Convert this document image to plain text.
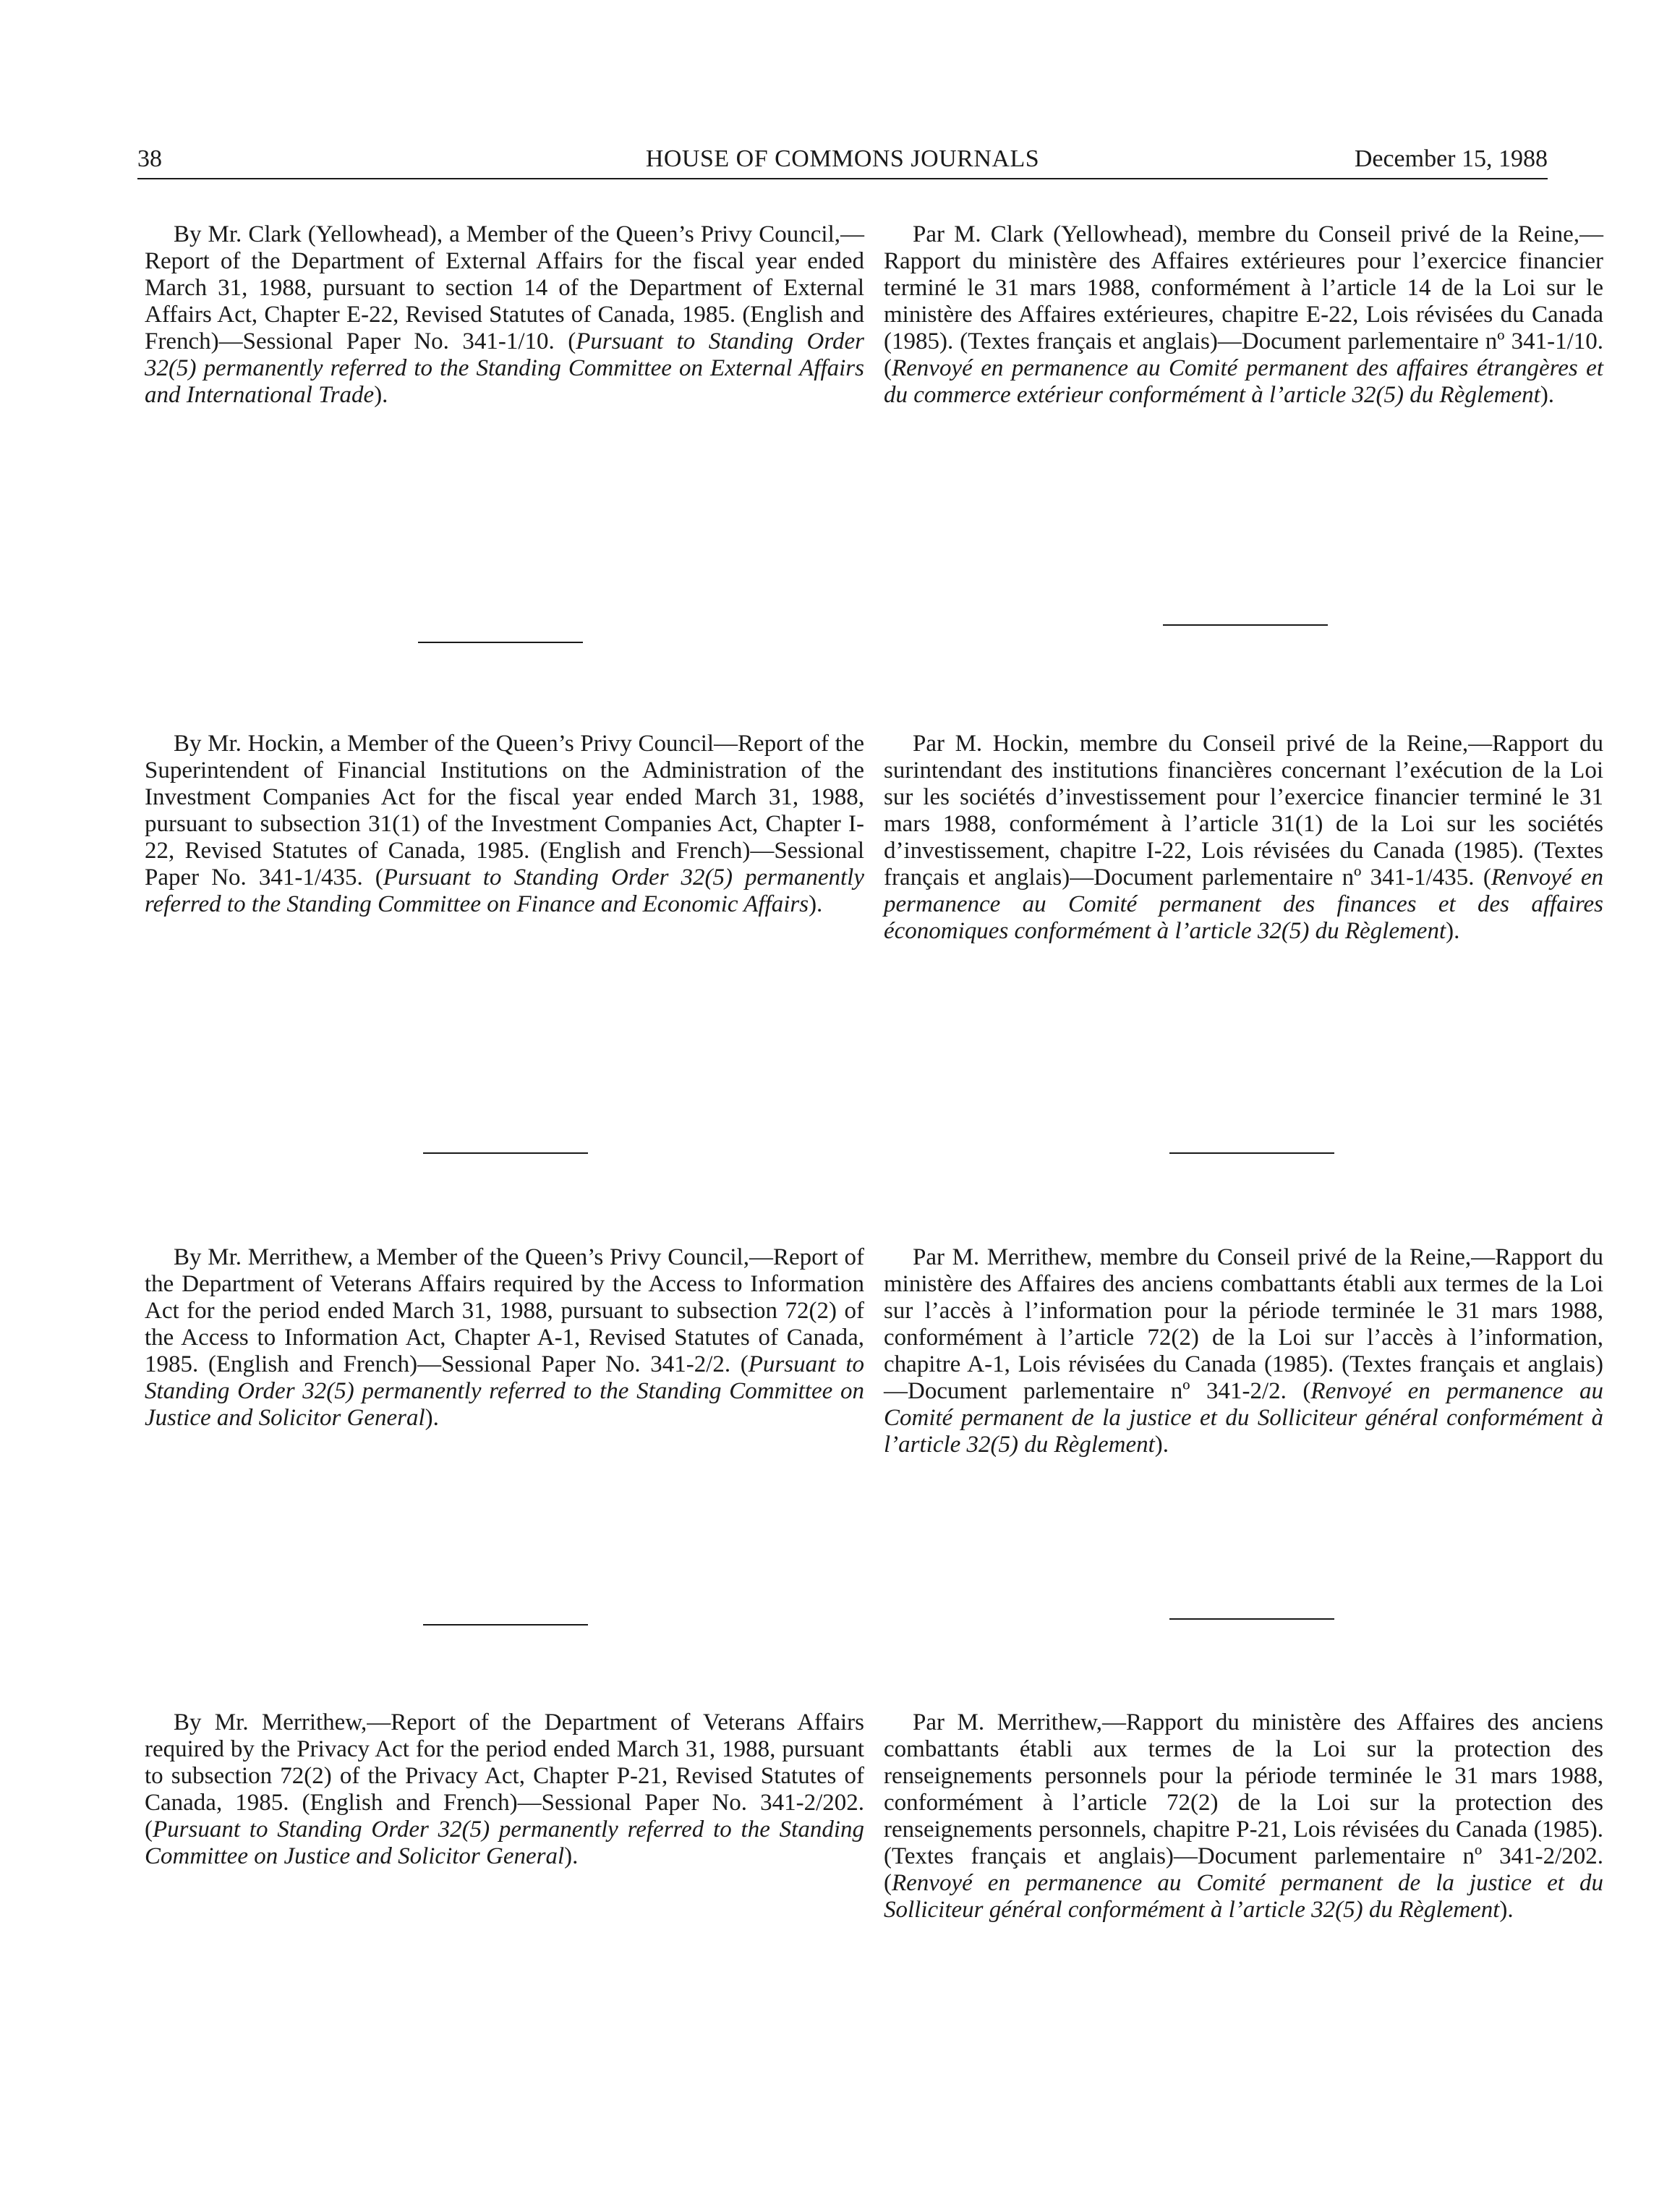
38	HOUSE OF COMMONS JOURNALS	December 15, 1988

By Mr. Clark (Yellowhead), a Member of the Queen’s Privy Council,—Report of the Department of External Affairs for the fiscal year ended March 31, 1988, pursuant to section 14 of the Department of External Affairs Act, Chapter E-22, Revised Statutes of Canada, 1985. (English and French)—Sessional Paper No. 341-1/10. (Pursuant to Standing Order 32(5) permanently referred to the Standing Committee on External Affairs and International Trade).

Par M. Clark (Yellowhead), membre du Conseil privé de la Reine,—Rapport du ministère des Affaires extérieures pour l’exercice financier terminé le 31 mars 1988, conformément à l’article 14 de la Loi sur le ministère des Affaires extérieures, chapitre E-22, Lois révisées du Canada (1985). (Textes français et anglais)—Document parlementaire nº 341-1/10. (Renvoyé en permanence au Comité permanent des affaires étrangères et du commerce extérieur conformément à l’article 32(5) du Règlement).

By Mr. Hockin, a Member of the Queen’s Privy Council—Report of the Superintendent of Financial Institutions on the Administration of the Investment Companies Act for the fiscal year ended March 31, 1988, pursuant to subsection 31(1) of the Investment Companies Act, Chapter I-22, Revised Statutes of Canada, 1985. (English and French)—Sessional Paper No. 341-1/435. (Pursuant to Standing Order 32(5) permanently referred to the Standing Committee on Finance and Economic Affairs).

Par M. Hockin, membre du Conseil privé de la Reine,—Rapport du surintendant des institutions financières concernant l’exécution de la Loi sur les sociétés d’investissement pour l’exercice financier terminé le 31 mars 1988, conformément à l’article 31(1) de la Loi sur les sociétés d’investissement, chapitre I-22, Lois révisées du Canada (1985). (Textes français et anglais)—Document parlementaire nº 341-1/435. (Renvoyé en permanence au Comité permanent des finances et des affaires économiques conformément à l’article 32(5) du Règlement).

By Mr. Merrithew, a Member of the Queen’s Privy Council,—Report of the Department of Veterans Affairs required by the Access to Information Act for the period ended March 31, 1988, pursuant to subsection 72(2) of the Access to Information Act, Chapter A-1, Revised Statutes of Canada, 1985. (English and French)—Sessional Paper No. 341-2/2. (Pursuant to Standing Order 32(5) permanently referred to the Standing Committee on Justice and Solicitor General).

Par M. Merrithew, membre du Conseil privé de la Reine,—Rapport du ministère des Affaires des anciens combattants établi aux termes de la Loi sur l’accès à l’information pour la période terminée le 31 mars 1988, conformément à l’article 72(2) de la Loi sur l’accès à l’information, chapitre A-1, Lois révisées du Canada (1985). (Textes français et anglais)—Document parlementaire nº 341-2/2. (Renvoyé en permanence au Comité permanent de la justice et du Solliciteur général conformément à l’article 32(5) du Règlement).

By Mr. Merrithew,—Report of the Department of Veterans Affairs required by the Privacy Act for the period ended March 31, 1988, pursuant to subsection 72(2) of the Privacy Act, Chapter P-21, Revised Statutes of Canada, 1985. (English and French)—Sessional Paper No. 341-2/202. (Pursuant to Standing Order 32(5) permanently referred to the Standing Committee on Justice and Solicitor General).

Par M. Merrithew,—Rapport du ministère des Affaires des anciens combattants établi aux termes de la Loi sur la protection des renseignements personnels pour la période terminée le 31 mars 1988, conformément à l’article 72(2) de la Loi sur la protection des renseignements personnels, chapitre P-21, Lois révisées du Canada (1985). (Textes français et anglais)—Document parlementaire nº 341-2/202. (Renvoyé en permanence au Comité permanent de la justice et du Solliciteur général conformément à l’article 32(5) du Règlement).
